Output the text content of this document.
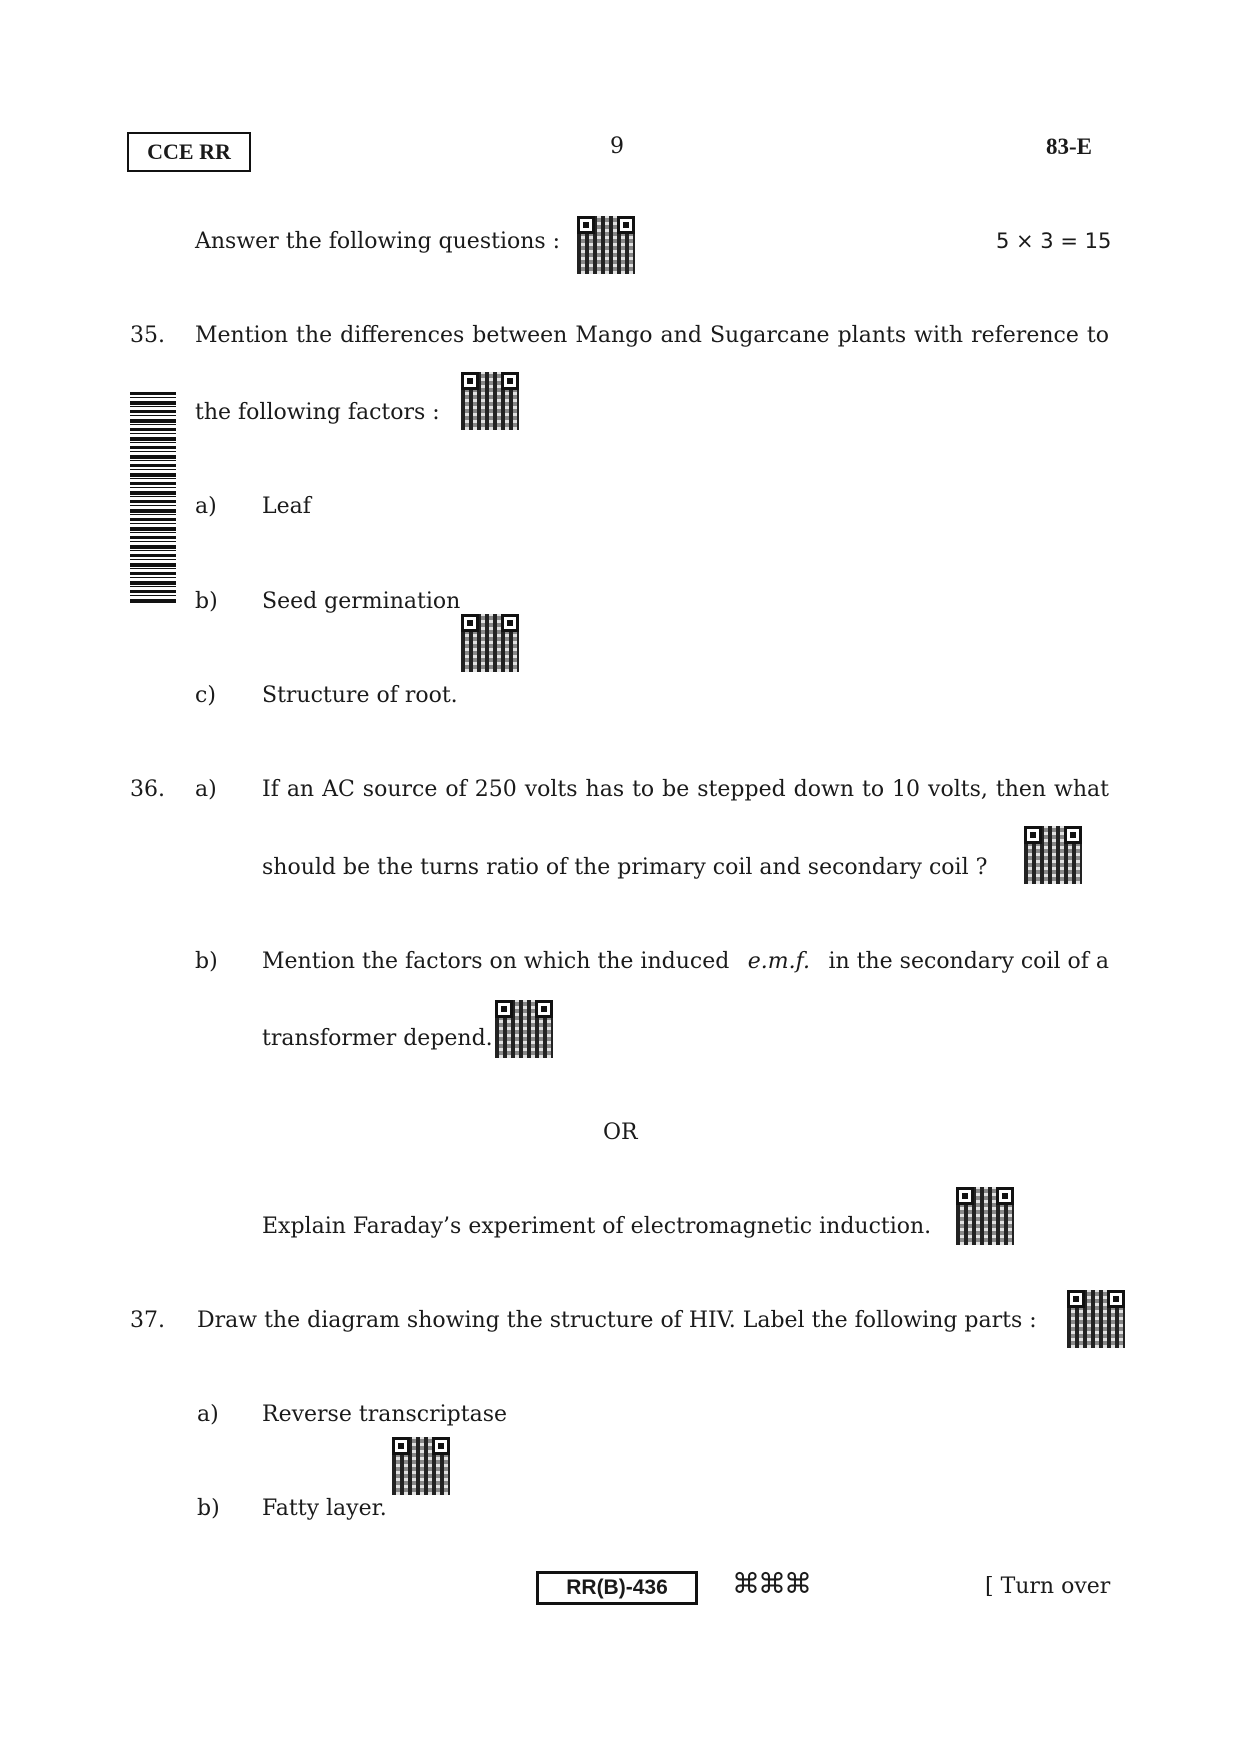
CCE RR	9	83-E
Answer the following questions :	5 × 3 = 15
35. Mention the differences between Mango and Sugarcane plants with reference to
the following factors :
a) Leaf
b) Seed germination
c) Structure of root.
36. a) If an AC source of 250 volts has to be stepped down to 10 volts, then what
should be the turns ratio of the primary coil and secondary coil ?
b) Mention the factors on which the induced e.m.f. in the secondary coil of a
transformer depend.
OR
Explain Faraday’s experiment of electromagnetic induction.
37. Draw the diagram showing the structure of HIV. Label the following parts :
a) Reverse transcriptase
b) Fatty layer.
RR(B)-436	⌘⌘⌘	[ Turn over
